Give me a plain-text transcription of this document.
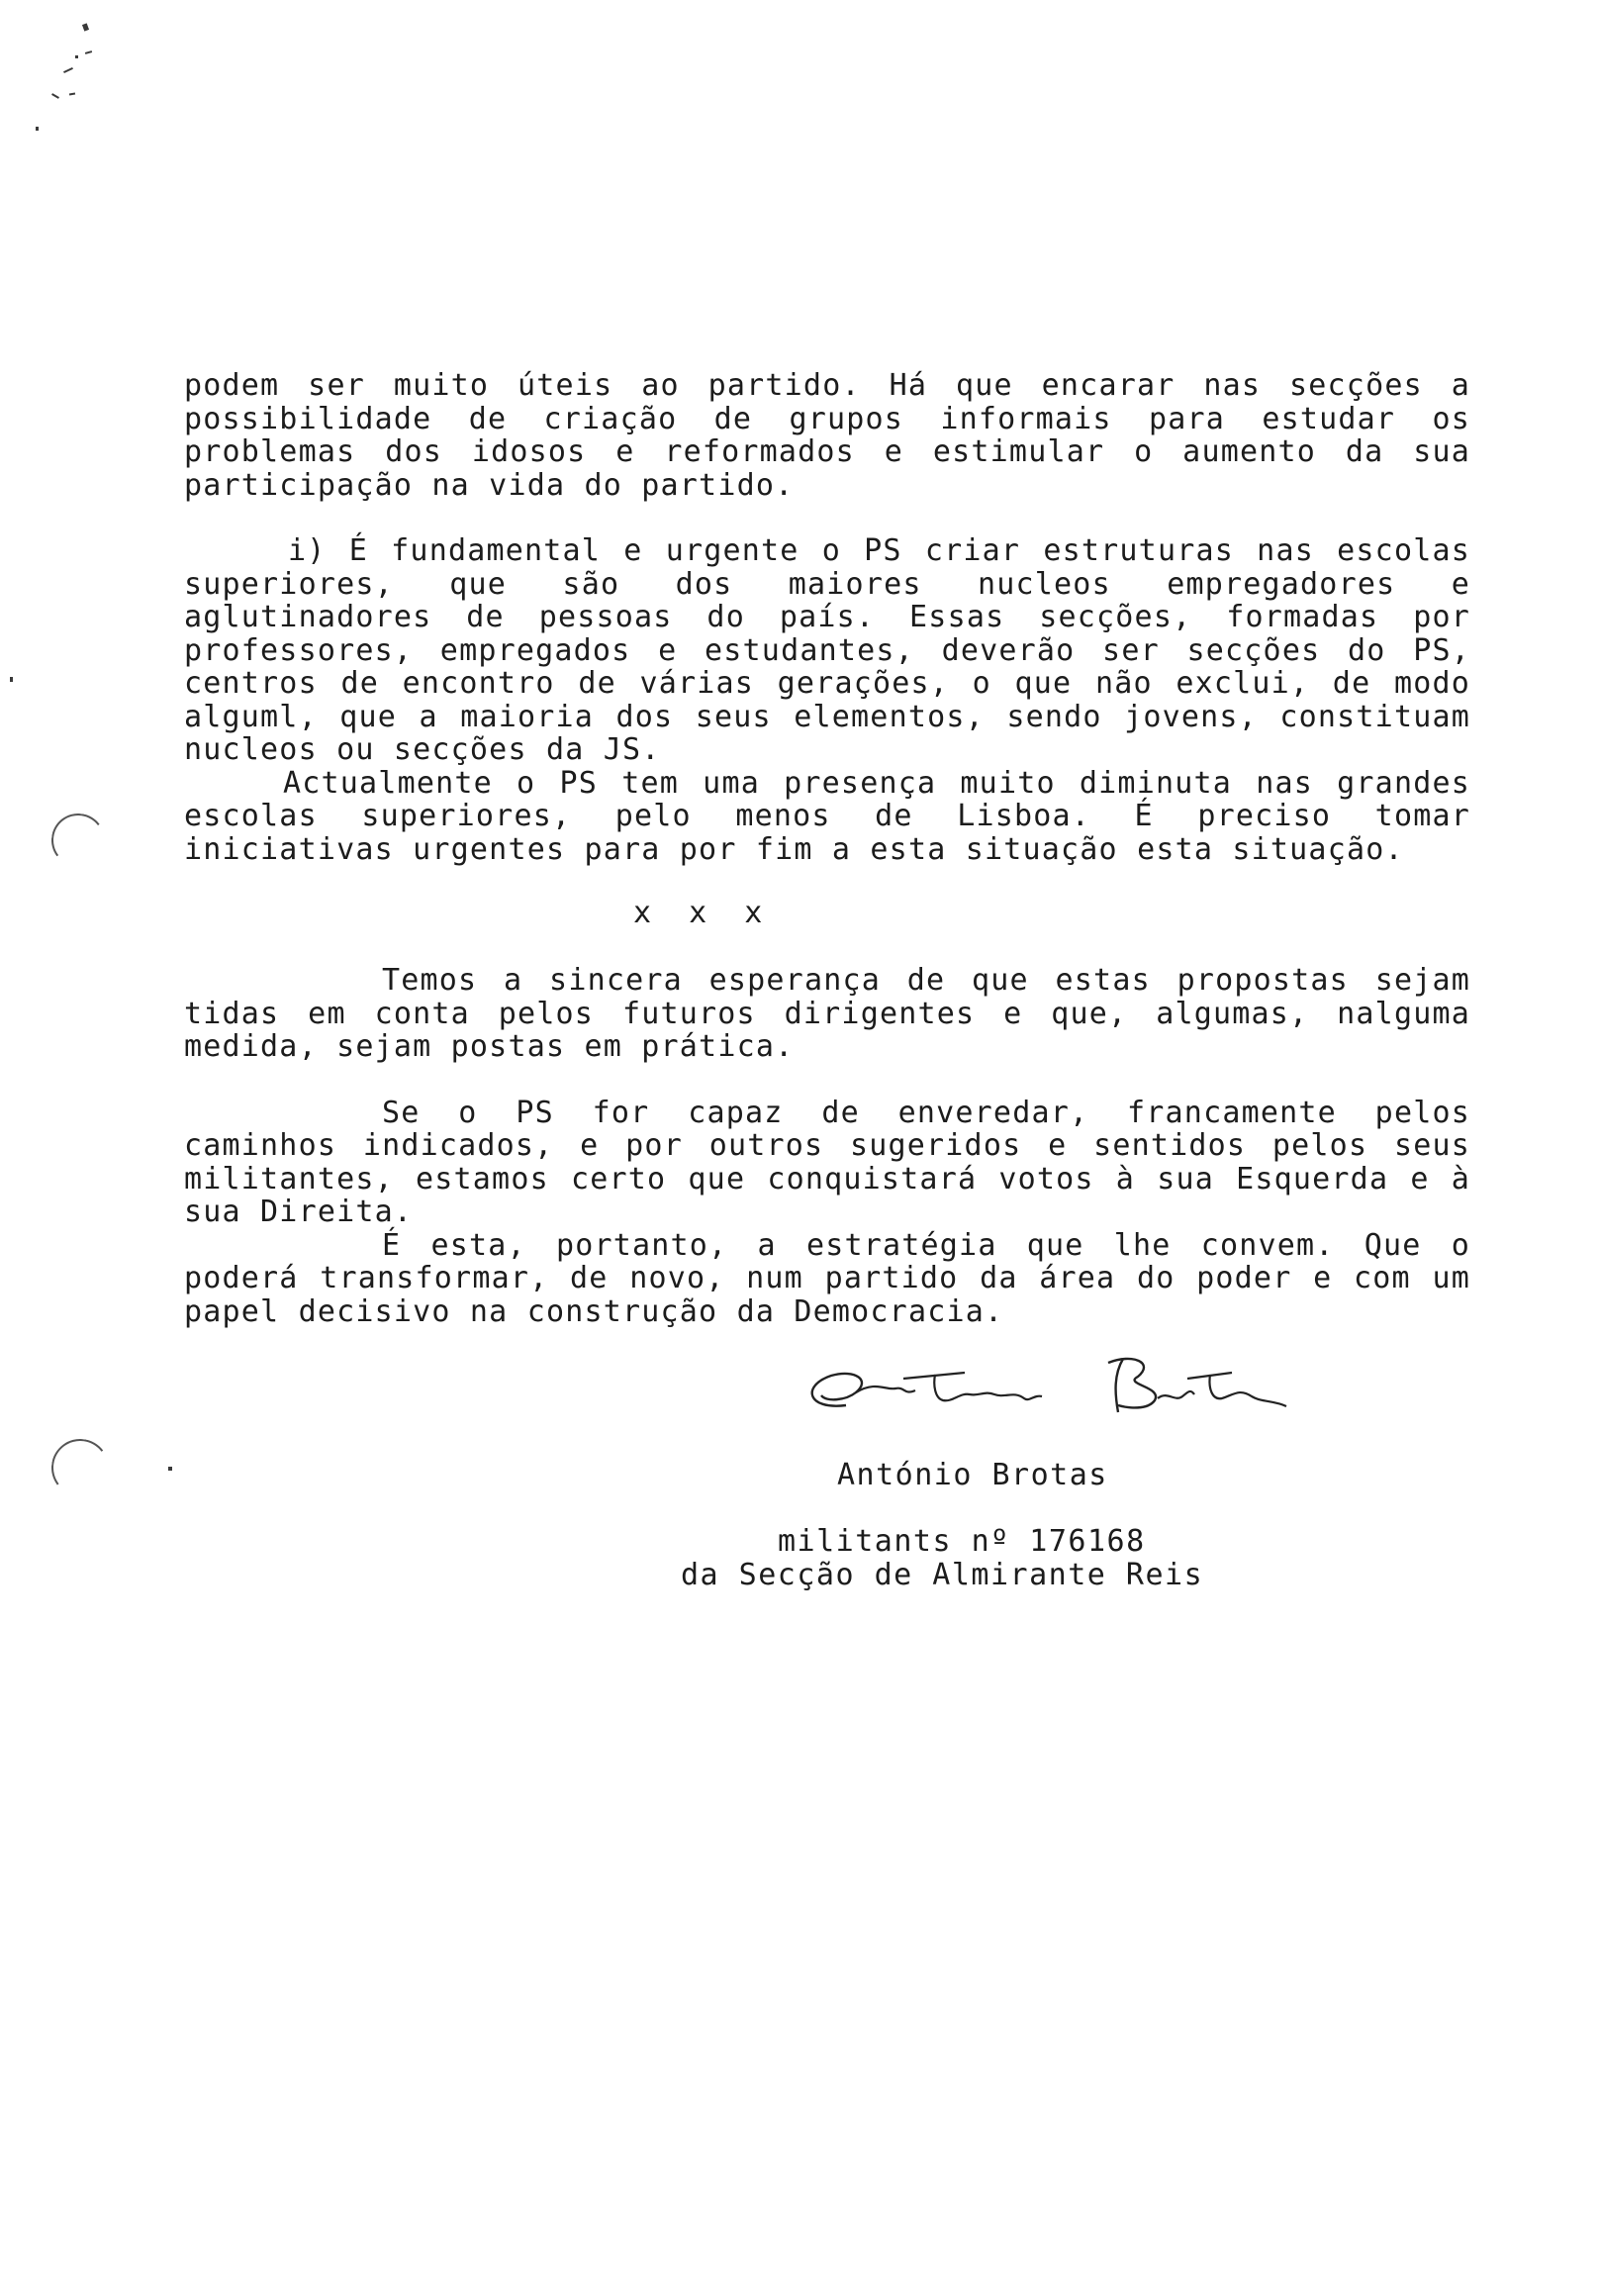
podem ser muito úteis ao partido. Há que encarar nas secções a possibilidade de criação de grupos informais para estudar os problemas dos idosos e reformados e estimular o aumento da sua participação na vida do partido.

i) É fundamental e urgente o PS criar estruturas nas escolas superiores, que são dos maiores nucleos empregadores e aglutinadores de pessoas do país. Essas secções, formadas por professores, empregados e estudantes, deverão ser secções do PS, centros de encontro de várias gerações, o que não exclui, de modo alguml, que a maioria dos seus elementos, sendo jovens, constituam nucleos ou secções da JS.

Actualmente o PS tem uma presença muito diminuta nas grandes escolas superiores, pelo menos de Lisboa. É preciso tomar iniciativas urgentes para por fim a esta situação esta situação.

x x x

Temos a sincera esperança de que estas propostas sejam tidas em conta pelos futuros dirigentes e que, algumas, nalguma medida, sejam postas em prática.

Se o PS for capaz de enveredar, francamente pelos caminhos indicados, e por outros sugeridos e sentidos pelos seus militantes, estamos certo que conquistará votos à sua Esquerda e à sua Direita.

É esta, portanto, a estratégia que lhe convem. Que o poderá transformar, de novo, num partido da área do poder e com um papel decisivo na construção da Democracia.

António Brotas
militants nº 176168
da Secção de Almirante Reis
